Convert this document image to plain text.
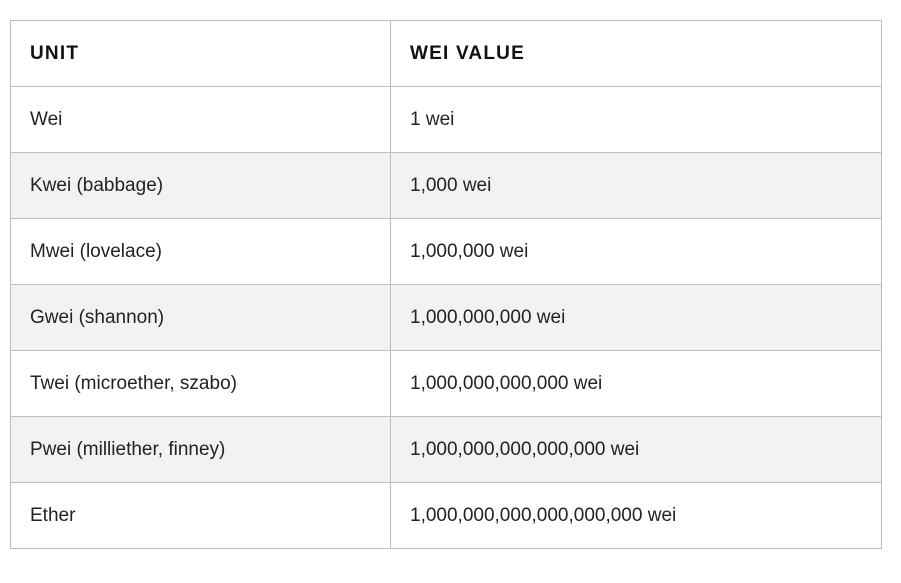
UNIT	WEI VALUE
Wei	1 wei
Kwei (babbage)	1,000 wei
Mwei (lovelace)	1,000,000 wei
Gwei (shannon)	1,000,000,000 wei
Twei (microether, szabo)	1,000,000,000,000 wei
Pwei (milliether, finney)	1,000,000,000,000,000 wei
Ether	1,000,000,000,000,000,000 wei
